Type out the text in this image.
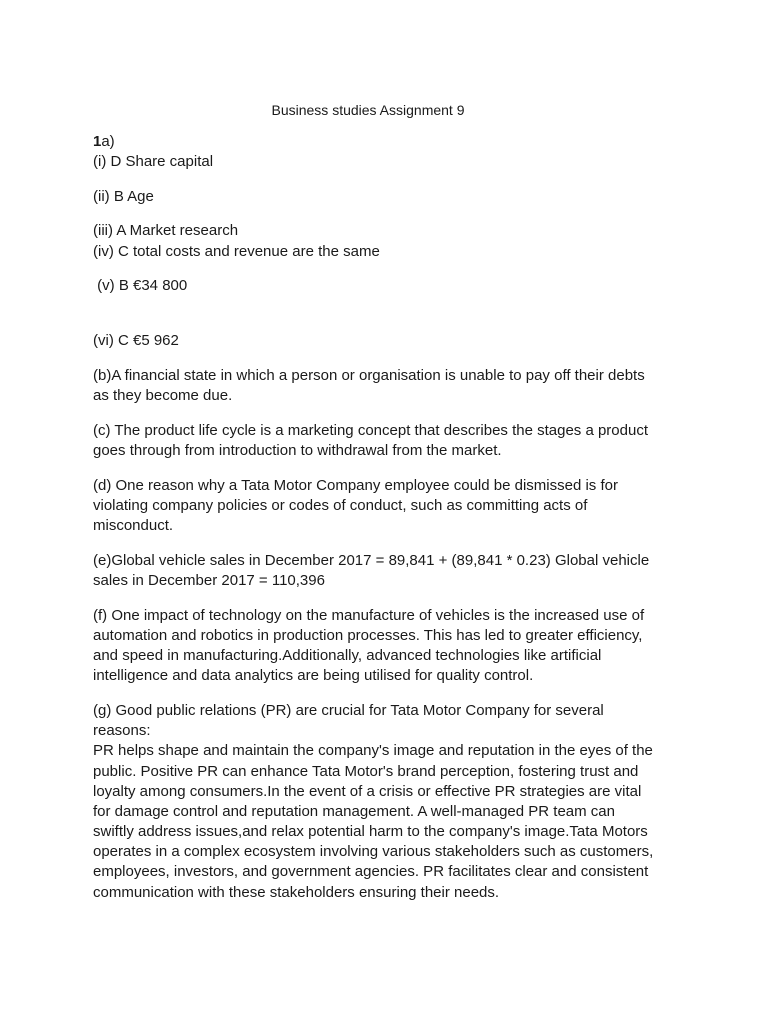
Business studies Assignment 9
1a)
(i) D Share capital
(ii) B Age
(iii) A Market research
(iv) C total costs and revenue are the same
(v) B €34 800
(vi) C €5 962
(b)A financial state in which a person or organisation is unable to pay off their debts
as they become due.
(c) The product life cycle is a marketing concept that describes the stages a product
goes through from introduction to withdrawal from the market.
(d) One reason why a Tata Motor Company employee could be dismissed is for
violating company policies or codes of conduct, such as committing acts of
misconduct.
(e)Global vehicle sales in December 2017 = 89,841 + (89,841 * 0.23) Global vehicle
sales in December 2017 = 110,396
(f) One impact of technology on the manufacture of vehicles is the increased use of
automation and robotics in production processes. This has led to greater efficiency,
and speed in manufacturing.Additionally, advanced technologies like artificial
intelligence and data analytics are being utilised for quality control.
(g) Good public relations (PR) are crucial for Tata Motor Company for several
reasons:
PR helps shape and maintain the company's image and reputation in the eyes of the
public. Positive PR can enhance Tata Motor's brand perception, fostering trust and
loyalty among consumers.In the event of a crisis or effective PR strategies are vital
for damage control and reputation management. A well-managed PR team can
swiftly address issues,and relax potential harm to the company's image.Tata Motors
operates in a complex ecosystem involving various stakeholders such as customers,
employees, investors, and government agencies. PR facilitates clear and consistent
communication with these stakeholders ensuring their needs.
